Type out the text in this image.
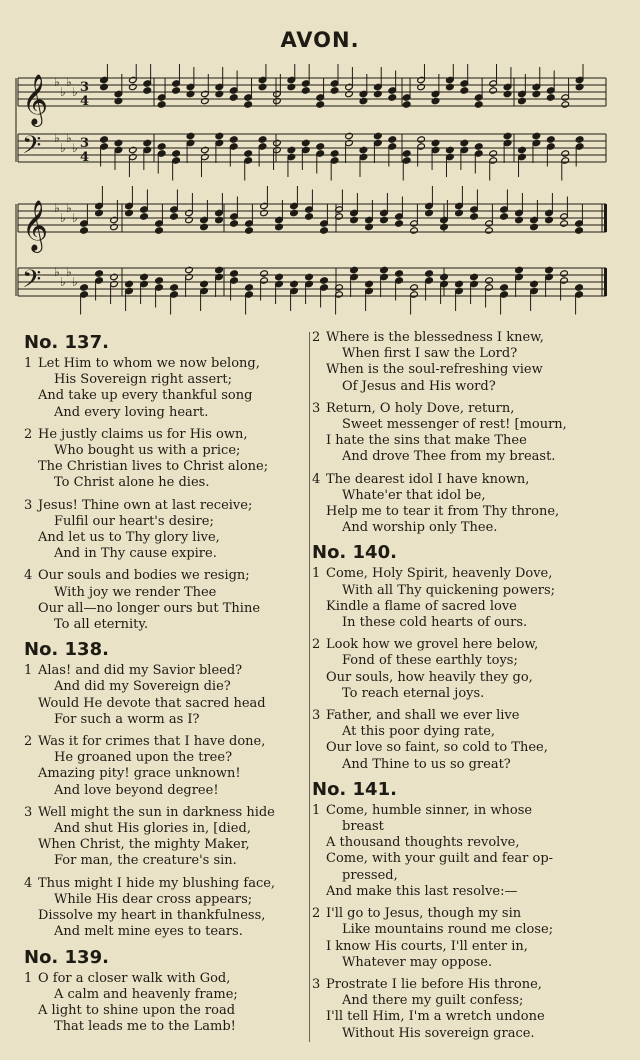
AVON.
𝄞
𝄢
𝄞
𝄢
♭
♭
♭
♭ 3
4
♭
♭
♭
♭ 3
4
♭
♭
♭
♭
♭
♭
♭
♭
No. 137.
1 Let Him to whom we now belong,
His Sovereign right assert;
And take up every thankful song
And every loving heart.
2 He justly claims us for His own,
Who bought us with a price;
The Christian lives to Christ alone;
To Christ alone he dies.
3 Jesus! Thine own at last receive;
Fulfil our heart's desire;
And let us to Thy glory live,
And in Thy cause expire.
4 Our souls and bodies we resign;
With joy we render Thee
Our all—no longer ours but Thine
To all eternity.
No. 138.
1 Alas! and did my Savior bleed?
And did my Sovereign die?
Would He devote that sacred head
For such a worm as I?
2 Was it for crimes that I have done,
He groaned upon the tree?
Amazing pity! grace unknown!
And love beyond degree!
3 Well might the sun in darkness hide
And shut His glories in, [died,
When Christ, the mighty Maker,
For man, the creature's sin.
4 Thus might I hide my blushing face,
While His dear cross appears;
Dissolve my heart in thankfulness,
And melt mine eyes to tears.
No. 139.
1 O for a closer walk with God,
A calm and heavenly frame;
A light to shine upon the road
That leads me to the Lamb!
2 Where is the blessedness I knew,
When first I saw the Lord?
When is the soul-refreshing view
Of Jesus and His word?
3 Return, O holy Dove, return,
Sweet messenger of rest! [mourn,
I hate the sins that make Thee
And drove Thee from my breast.
4 The dearest idol I have known,
Whate'er that idol be,
Help me to tear it from Thy throne,
And worship only Thee.
No. 140.
1 Come, Holy Spirit, heavenly Dove,
With all Thy quickening powers;
Kindle a flame of sacred love
In these cold hearts of ours.
2 Look how we grovel here below,
Fond of these earthly toys;
Our souls, how heavily they go,
To reach eternal joys.
3 Father, and shall we ever live
At this poor dying rate,
Our love so faint, so cold to Thee,
And Thine to us so great?
No. 141.
1 Come, humble sinner, in whose
breast
A thousand thoughts revolve,
Come, with your guilt and fear op-
pressed,
And make this last resolve:—
2 I'll go to Jesus, though my sin
Like mountains round me close;
I know His courts, I'll enter in,
Whatever may oppose.
3 Prostrate I lie before His throne,
And there my guilt confess;
I'll tell Him, I'm a wretch undone
Without His sovereign grace.
